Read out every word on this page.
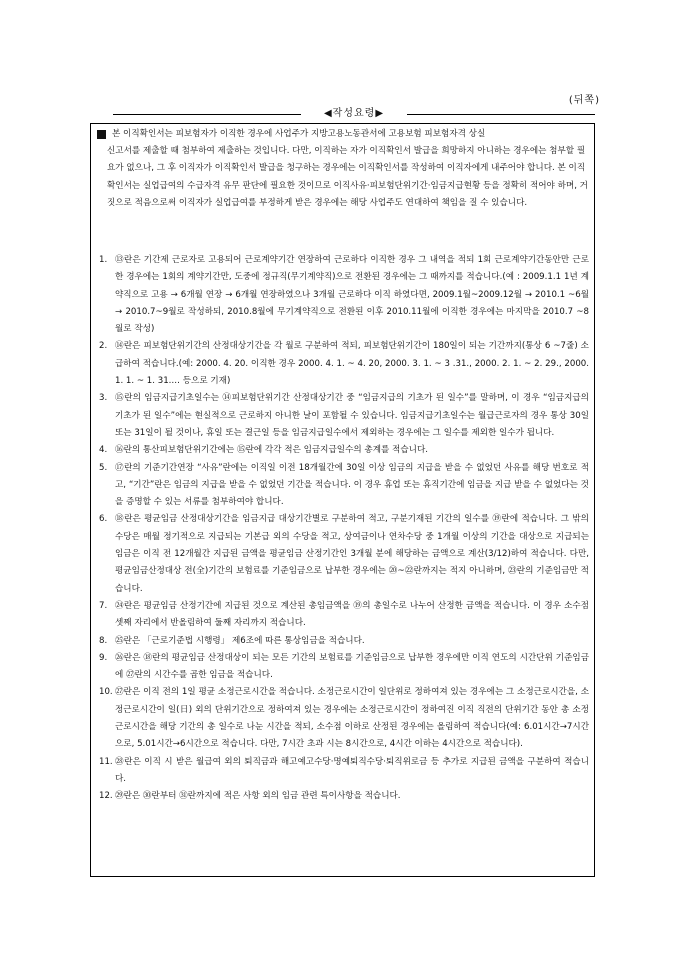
(뒤쪽)
◀작성요령▶
본 이직확인서는 피보험자가 이직한 경우에 사업주가 지방고용노동관서에 고용보험 피보험자격 상실

신고서를 제출할 때 첨부하여 제출하는 것입니다. 다만, 이직하는 자가 이직확인서 발급을 희망하지 아니하는 경우에는 첨부할 필요가 없으나, 그 후 이직자가 이직확인서 발급을 청구하는 경우에는 이직확인서를 작성하여 이직자에게 내주어야 합니다. 본 이직확인서는 실업급여의 수급자격 유무 판단에 필요한 것이므로 이직사유·피보험단위기간·임금지급현황 등을 정확히 적어야 하며, 거짓으로 적음으로써 이직자가 실업급여를 부정하게 받은 경우에는 해당 사업주도 연대하여 책임을 질 수 있습니다.

1. ⑬란은 기간제 근로자로 고용되어 근로계약기간 연장하여 근로하다 이직한 경우 그 내역을 적되 1회 근로계약기간동안만 근로한 경우에는 1회의 계약기간만, 도중에 정규직(무기계약직)으로 전환된 경우에는 그 때까지를 적습니다.(예 : 2009.1.1 1년 계약직으로 고용 → 6개월 연장 → 6개월 연장하였으나 3개월 근로하다 이직 하였다면, 2009.1월~2009.12월 → 2010.1 ~6월 → 2010.7~9월로 작성하되, 2010.8월에 무기계약직으로 전환된 이후 2010.11월에 이직한 경우에는 마지막을 2010.7 ~8월로 작성)
2. ⑭란은 피보험단위기간의 산정대상기간을 각 월로 구분하여 적되, 피보험단위기간이 180일이 되는 기간까지(통상 6 ~7줄) 소급하여 적습니다.(예: 2000. 4. 20. 이직한 경우 2000. 4. 1. ~ 4. 20, 2000. 3. 1. ~ 3 .31., 2000. 2. 1. ~ 2. 29., 2000. 1. 1. ~ 1. 31.… 등으로 기재)
3. ⑮란의 임금지급기초일수는 ⑭피보험단위기간 산정대상기간 중 “임금지급의 기초가 된 일수”를 말하며, 이 경우 “임금지급의 기초가 된 일수”에는 현실적으로 근로하지 아니한 날이 포함될 수 있습니다. 임금지급기초일수는 월급근로자의 경우 통상 30일 또는 31일이 될 것이나, 휴일 또는 결근일 등을 임금지급일수에서 제외하는 경우에는 그 일수를 제외한 일수가 됩니다.
4. ⑯란의 통산피보험단위기간에는 ⑮란에 각각 적은 임금지급일수의 총계를 적습니다.
5. ⑰란의 기준기간연장 “사유”란에는 이직일 이전 18개월간에 30일 이상 임금의 지급을 받을 수 없었던 사유를 해당 번호로 적고, “기간”란은 임금의 지급을 받을 수 없었던 기간을 적습니다. 이 경우 휴업 또는 휴직기간에 임금을 지급 받을 수 없었다는 것을 증명할 수 있는 서류를 첨부하여야 합니다.
6. ⑱란은 평균임금 산정대상기간을 임금지급 대상기간별로 구분하여 적고, 구분기재된 기간의 일수를 ⑲란에 적습니다. 그 밖의 수당은 매월 정기적으로 지급되는 기본급 외의 수당을 적고, 상여금이나 연차수당 중 1개월 이상의 기간을 대상으로 지급되는 임금은 이직 전 12개월간 지급된 금액을 평균임금 산정기간인 3개월 분에 해당하는 금액으로 계산(3/12)하여 적습니다. 다만, 평균임금산정대상 전(全)기간의 보험료를 기준임금으로 납부한 경우에는 ⑳~㉒란까지는 적지 아니하며, ㉓란의 기준임금만 적습니다.
7. ㉔란은 평균임금 산정기간에 지급된 것으로 계산된 총임금액을 ⑲의 총일수로 나누어 산정한 금액을 적습니다. 이 경우 소수점 셋째 자리에서 반올림하여 둘째 자리까지 적습니다.
8. ㉕란은 「근로기준법 시행령」 제6조에 따른 통상임금을 적습니다.
9. ㉖란은 ⑱란의 평균임금 산정대상이 되는 모든 기간의 보험료를 기준임금으로 납부한 경우에만 이직 연도의 시간단위 기준임금에 ㉗란의 시간수를 곱한 임금을 적습니다.
10. ㉗란은 이직 전의 1일 평균 소정근로시간을 적습니다. 소정근로시간이 일단위로 정하여져 있는 경우에는 그 소정근로시간을, 소정근로시간이 일(日) 외의 단위기간으로 정하여져 있는 경우에는 소정근로시간이 정하여진 이직 직전의 단위기간 동안 총 소정근로시간을 해당 기간의 총 일수로 나눈 시간을 적되, 소수점 이하로 산정된 경우에는 올림하여 적습니다(예: 6.01시간→7시간으로, 5.01시간→6시간으로 적습니다. 다만, 7시간 초과 시는 8시간으로, 4시간 이하는 4시간으로 적습니다).
11. ㉘란은 이직 시 받은 월급여 외의 퇴직금과 해고예고수당·명예퇴직수당·퇴직위로금 등 추가로 지급된 금액을 구분하여 적습니다.
12. ㉙란은 ㉚란부터 ㉛란까지에 적은 사항 외의 임금 관련 특이사항을 적습니다.
